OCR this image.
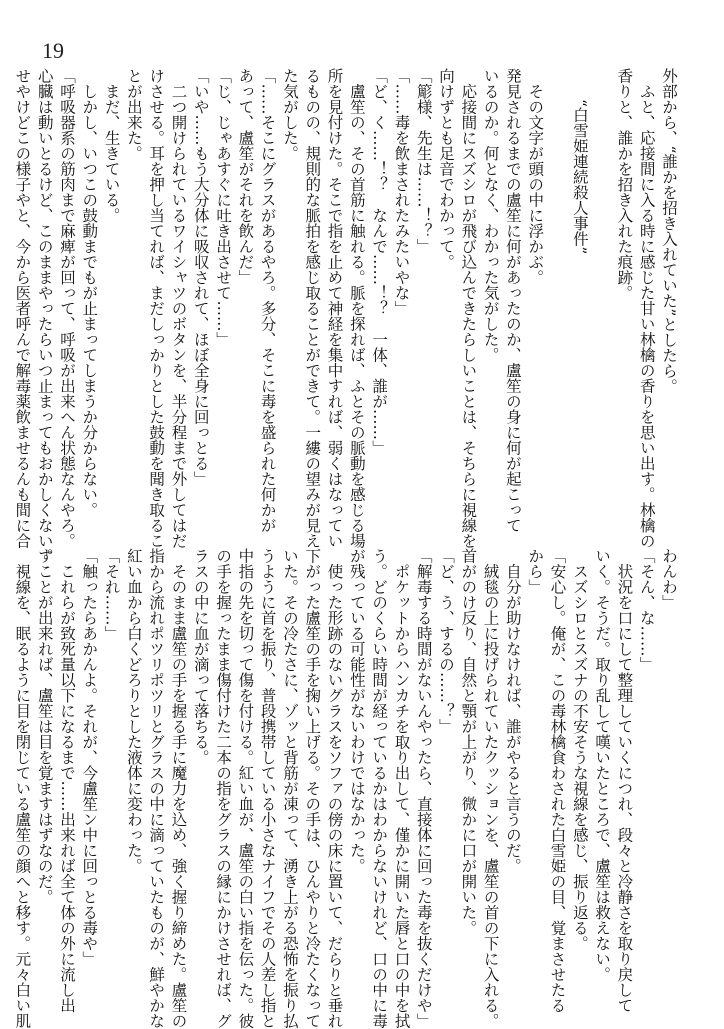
19
外部から、“誰かを招き入れていた”としたら。
　ふと、応接間に入る時に感じた甘い林檎の香りを思い出す。林檎の
香りと、誰かを招き入れた痕跡。

　　“白雪姫連続殺人事件”

　その文字が頭の中に浮かぶ。
発見されるまでの盧笙に何があったのか、盧笙の身に何が起こって
いるのか。何となく、わかった気がした。
　応接間にスズシロが飛び込んできたらしいことは、そちらに視線を
向けずとも足音でわかって。
「簓様、先生は……！？」
「……毒を飲まされたみたいやな」
「ど、く……！？　なんで……！？　一体、誰が……」
　盧笙の、その首筋に触れる。脈を探れば、ふとその脈動を感じる場
所を見付けた。そこで指を止めて神経を集中すれば、弱くはなってい
るものの、規則的な脈拍を感じ取ることができて。一縷の望みが見え
た気がした。
「……そこにグラスがあるやろ。多分、そこに毒を盛られた何かが
あって、盧笙がそれを飲んだ」
「じ、じゃあすぐに吐き出させて……」
「いや……もう大分体に吸収されて、ほぼ全身に回っとる」
　二つ開けられているワイシャツのボタンを、半分程まで外してはだ
けさせる。耳を押し当てれば、まだしっかりとした鼓動を聞き取るこ
とが出来た。
　まだ、生きている。
　しかし、いつこの鼓動までもが止まってしまうか分からない。
「呼吸器系の筋肉まで麻痺が回って、呼吸が出来へん状態なんやろ。
心臓は動いとるけど、このままやったらいつ止まってもおかしくない。
せやけどこの様子やと、今から医者呼んで解毒薬飲ませるんも間に合
わんわ」
「そん、な……」
　状況を口にして整理していくにつれ、段々と冷静さを取り戻して
いく。そうだ。取り乱して嘆いたところで、盧笙は救えない。
　スズシロとスズナの不安そうな視線を感じ、振り返る。
「安心し。俺が、この毒林檎食わされた白雪姫の目、覚まさせたる
から」
　自分が助けなければ、誰がやると言うのだ。
　絨毯の上に投げられていたクッションを、盧笙の首の下に入れる。
首がのけ反り、自然と顎が上がり、微かに口が開いた。
「ど、う、するの……？」
「解毒する時間がないんやったら、直接体に回った毒を抜くだけや」
　ポケットからハンカチを取り出して、僅かに開いた唇と口の中を拭
う。どのくらい時間が経っているかはわからないけれど、口の中に毒
が残っている可能性がないわけではなかった。
　使った形跡のないグラスをソファの傍の床に置いて、だらりと垂れ
下がった盧笙の手を掬い上げる。その手は、ひんやりと冷たくなって
いた。その冷たさに、ゾッと背筋が凍って、湧き上がる恐怖を振り払
うように首を振り、普段携帯している小さなナイフでその人差し指と
中指の先を切って傷を付ける。紅い血が、盧笙の白い指を伝った。彼
の手を握ったまま傷付けた二本の指をグラスの縁にかけさせれば、グ
ラスの中に血が滴って落ちる。
　そのまま盧笙の手を握る手に魔力を込め、強く握り締めた。盧笙の
指から流れポツリポツリとグラスの中に滴っていたものが、鮮やかな
紅い血から白くどろりとした液体に変わった。
「それ……」
「触ったらあかんよ。それが、今盧笙ン中に回っとる毒や」
　これらが致死量以下になるまで……出来れば全て体の外に流し出
すことが出来れば、盧笙は目を覚ますはずなのだ。
　視線を、眠るように目を閉じている盧笙の顔へと移す。元々白い肌
